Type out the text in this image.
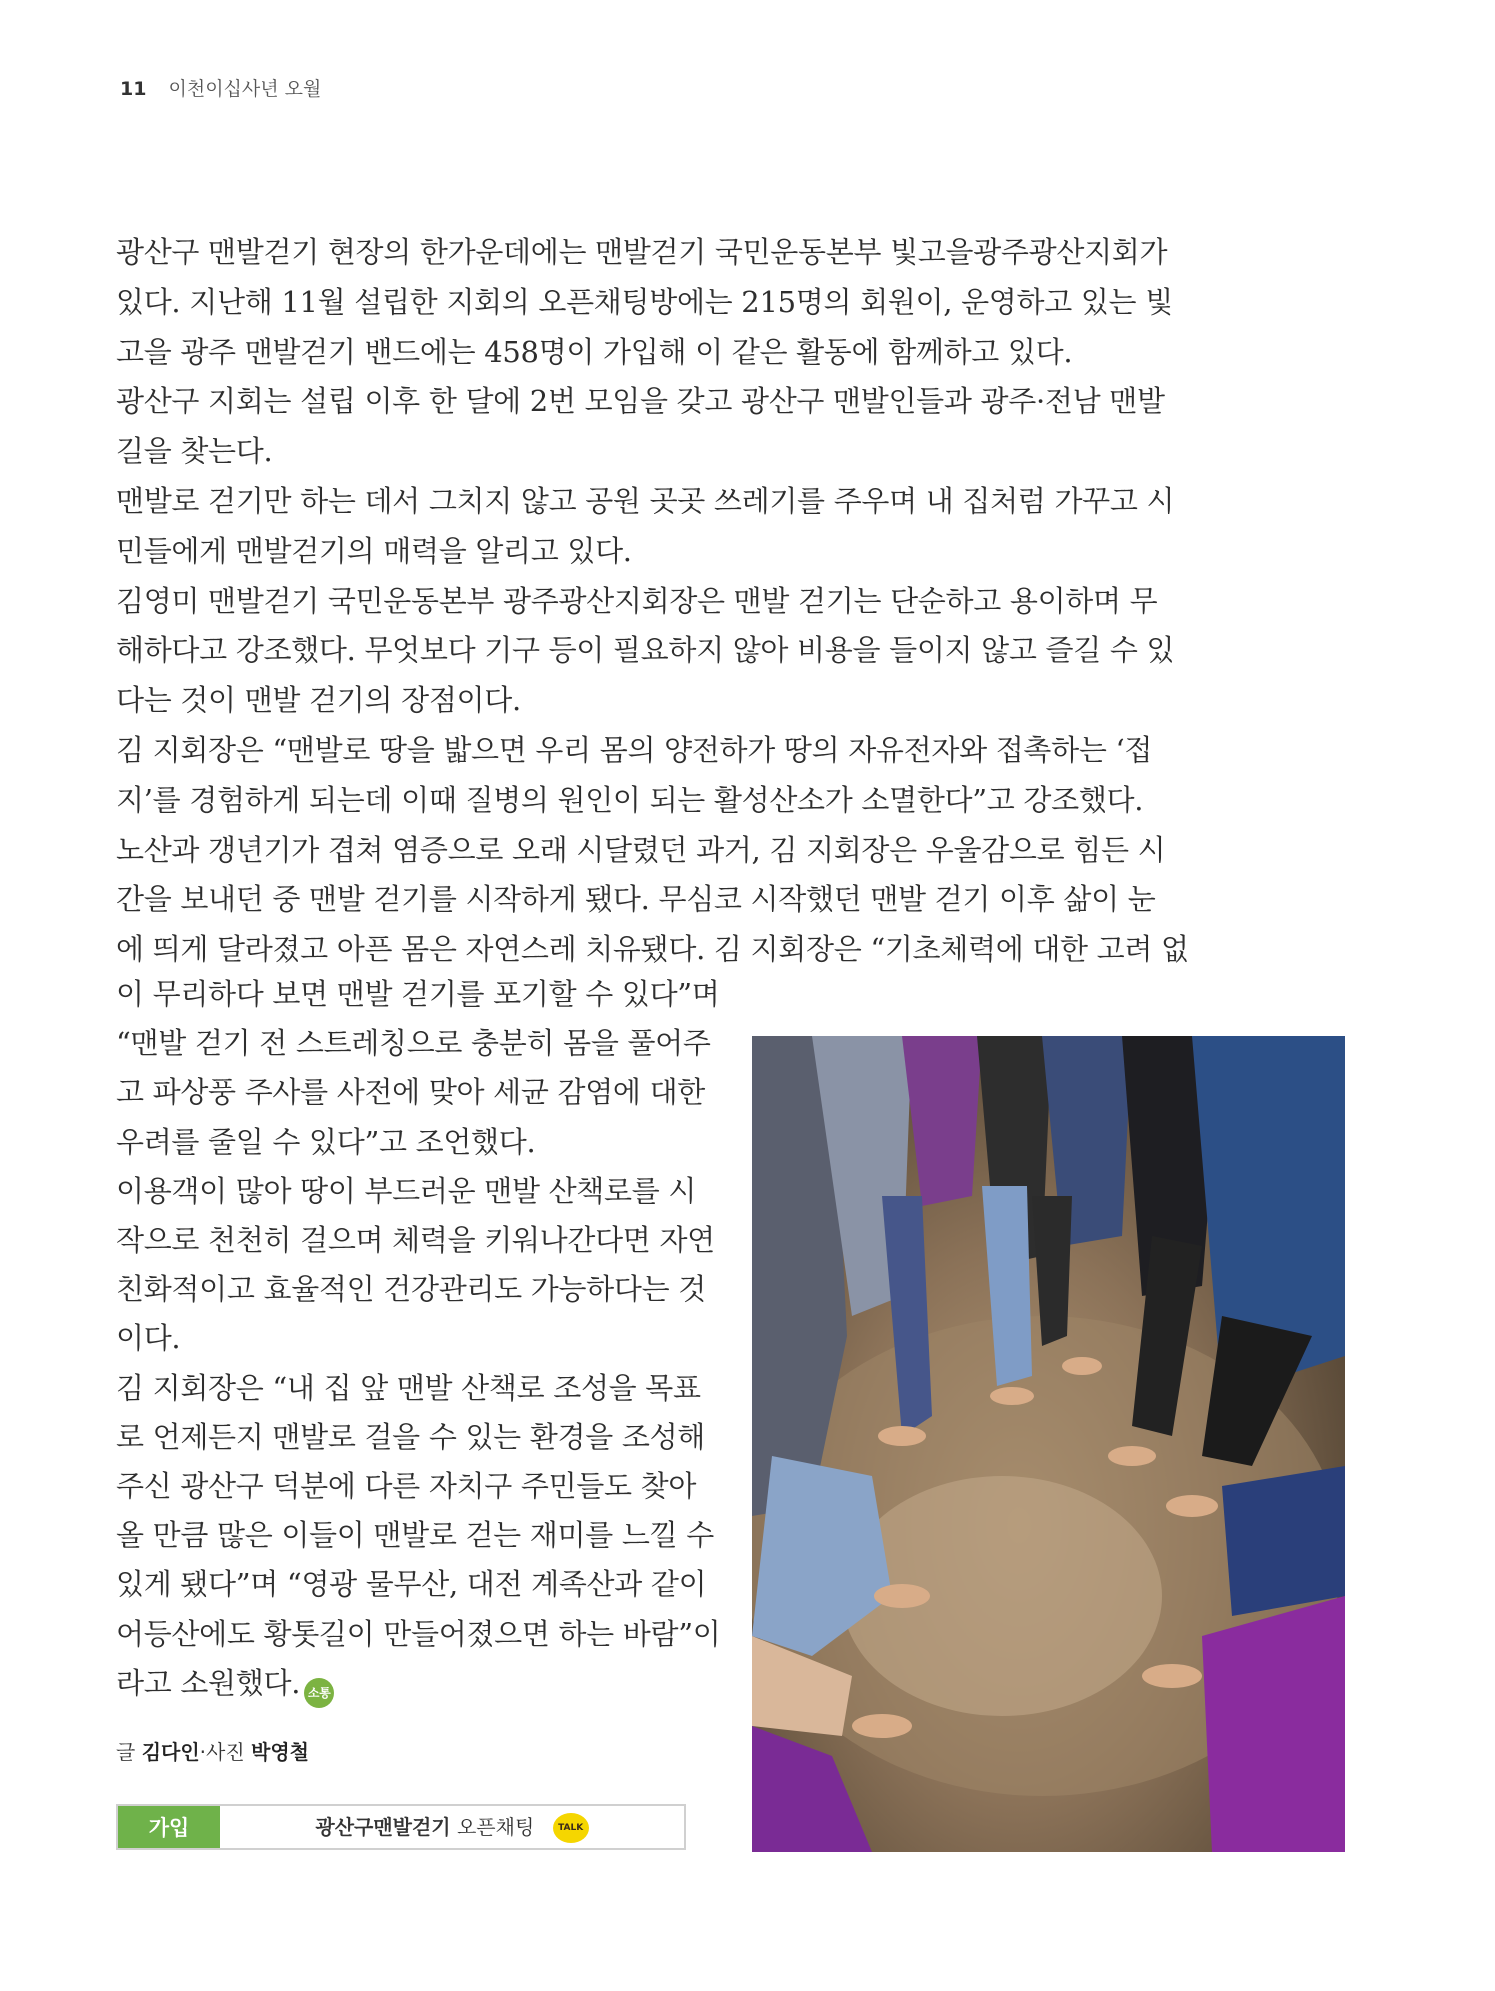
11 이천이십사년 오월
광산구 맨발걷기 현장의 한가운데에는 맨발걷기 국민운동본부 빛고을광주광산지회가
있다. 지난해 11월 설립한 지회의 오픈채팅방에는 215명의 회원이, 운영하고 있는 빛
고을 광주 맨발걷기 밴드에는 458명이 가입해 이 같은 활동에 함께하고 있다.
광산구 지회는 설립 이후 한 달에 2번 모임을 갖고 광산구 맨발인들과 광주·전남 맨발
길을 찾는다.
맨발로 걷기만 하는 데서 그치지 않고 공원 곳곳 쓰레기를 주우며 내 집처럼 가꾸고 시
민들에게 맨발걷기의 매력을 알리고 있다.
김영미 맨발걷기 국민운동본부 광주광산지회장은 맨발 걷기는 단순하고 용이하며 무
해하다고 강조했다. 무엇보다 기구 등이 필요하지 않아 비용을 들이지 않고 즐길 수 있
다는 것이 맨발 걷기의 장점이다.
김 지회장은 “맨발로 땅을 밟으면 우리 몸의 양전하가 땅의 자유전자와 접촉하는 ‘접
지’를 경험하게 되는데 이때 질병의 원인이 되는 활성산소가 소멸한다”고 강조했다.
노산과 갱년기가 겹쳐 염증으로 오래 시달렸던 과거, 김 지회장은 우울감으로 힘든 시
간을 보내던 중 맨발 걷기를 시작하게 됐다. 무심코 시작했던 맨발 걷기 이후 삶이 눈
에 띄게 달라졌고 아픈 몸은 자연스레 치유됐다. 김 지회장은 “기초체력에 대한 고려 없
이 무리하다 보면 맨발 걷기를 포기할 수 있다”며
“맨발 걷기 전 스트레칭으로 충분히 몸을 풀어주
고 파상풍 주사를 사전에 맞아 세균 감염에 대한
우려를 줄일 수 있다”고 조언했다.
이용객이 많아 땅이 부드러운 맨발 산책로를 시
작으로 천천히 걸으며 체력을 키워나간다면 자연
친화적이고 효율적인 건강관리도 가능하다는 것
이다.
김 지회장은 “내 집 앞 맨발 산책로 조성을 목표
로 언제든지 맨발로 걸을 수 있는 환경을 조성해
주신 광산구 덕분에 다른 자치구 주민들도 찾아
올 만큼 많은 이들이 맨발로 걷는 재미를 느낄 수
있게 됐다”며 “영광 물무산, 대전 계족산과 같이
어등산에도 황톳길이 만들어졌으면 하는 바람”이
라고 소원했다. 소통
글 김다인·사진 박영철
가입	광산구맨발걷기 오픈채팅	TALK
